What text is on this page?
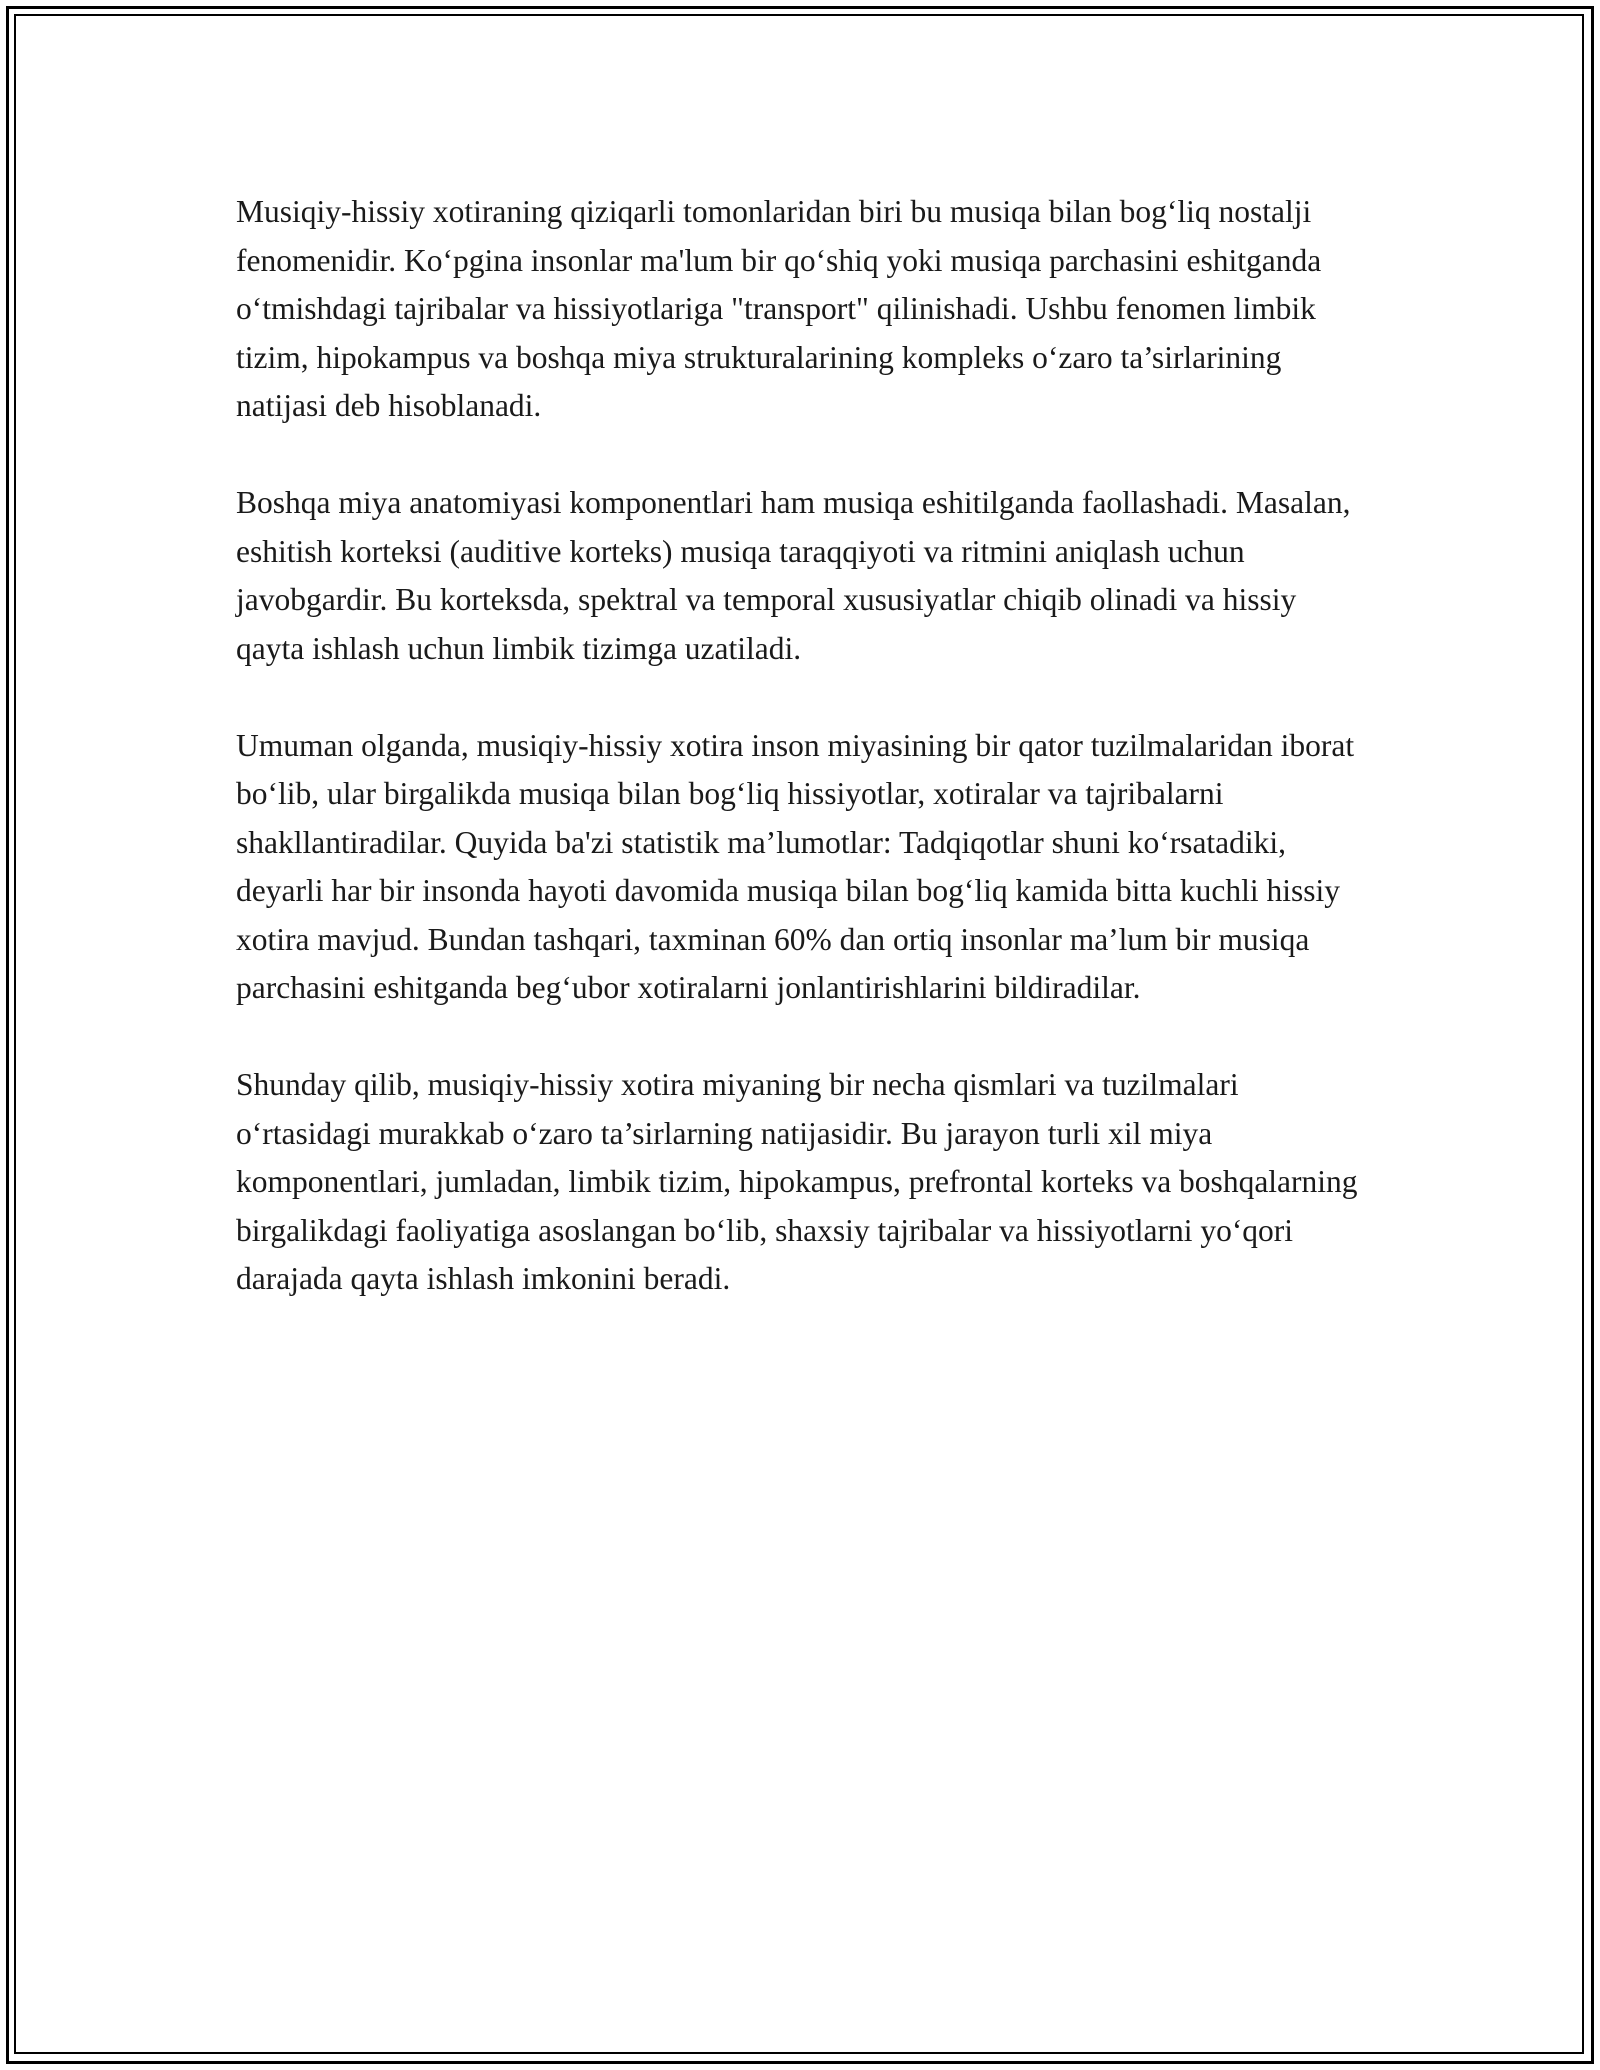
Musiqiy-hissiy xotiraning qiziqarli tomonlaridan biri bu musiqa bilan bog‘liq nostalji fenomenidir. Ko‘pgina insonlar ma'lum bir qo‘shiq yoki musiqa parchasini eshitganda o‘tmishdagi tajribalar va hissiyotlariga "transport" qilinishadi. Ushbu fenomen limbik tizim, hipokampus va boshqa miya strukturalarining kompleks o‘zaro ta’sirlarining natijasi deb hisoblanadi.

Boshqa miya anatomiyasi komponentlari ham musiqa eshitilganda faollashadi. Masalan, eshitish korteksi (auditive korteks) musiqa taraqqiyoti va ritmini aniqlash uchun javobgardir. Bu korteksda, spektral va temporal xususiyatlar chiqib olinadi va hissiy qayta ishlash uchun limbik tizimga uzatiladi.

Umuman olganda, musiqiy-hissiy xotira inson miyasining bir qator tuzilmalaridan iborat bo‘lib, ular birgalikda musiqa bilan bog‘liq hissiyotlar, xotiralar va tajribalarni shakllantiradilar. Quyida ba'zi statistik ma’lumotlar: Tadqiqotlar shuni ko‘rsatadiki, deyarli har bir insonda hayoti davomida musiqa bilan bog‘liq kamida bitta kuchli hissiy xotira mavjud. Bundan tashqari, taxminan 60% dan ortiq insonlar ma’lum bir musiqa parchasini eshitganda beg‘ubor xotiralarni jonlantirishlarini bildiradilar.

Shunday qilib, musiqiy-hissiy xotira miyaning bir necha qismlari va tuzilmalari o‘rtasidagi murakkab o‘zaro ta’sirlarning natijasidir. Bu jarayon turli xil miya komponentlari, jumladan, limbik tizim, hipokampus, prefrontal korteks va boshqalarning birgalikdagi faoliyatiga asoslangan bo‘lib, shaxsiy tajribalar va hissiyotlarni yo‘qori darajada qayta ishlash imkonini beradi.
